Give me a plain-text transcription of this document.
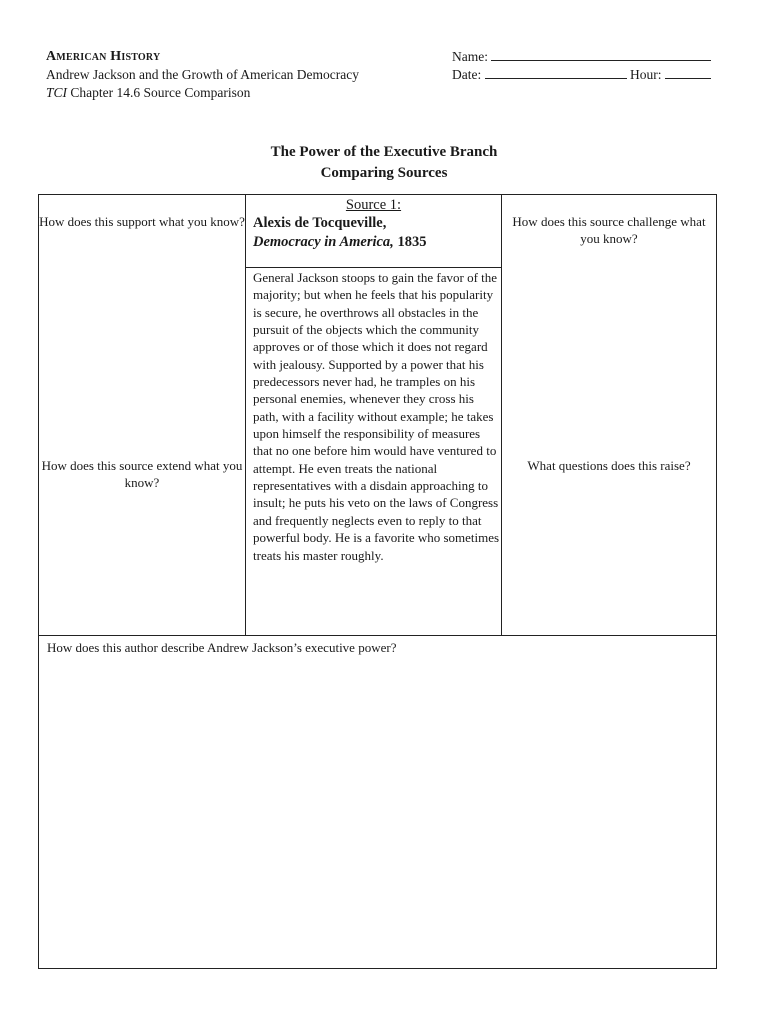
American History
Andrew Jackson and the Growth of American Democracy
TCI Chapter 14.6 Source Comparison
Name:
Date:	Hour:
The Power of the Executive Branch
Comparing Sources
How does this support what you know?	How does this source challenge what you know?
How does this source extend what you know?
What questions does this raise?
Source 1:
Alexis de Tocqueville,
Democracy in America, 1835
General Jackson stoops to gain the favor of the majority; but when he feels that his popularity is secure, he overthrows all obstacles in the pursuit of the objects which the community approves or of those which it does not regard with jealousy. Supported by a power that his predecessors never had, he tramples on his personal enemies, whenever they cross his path, with a facility without example; he takes upon himself the responsibility of measures that no one before him would have ventured to attempt. He even treats the national representatives with a disdain approaching to insult; he puts his veto on the laws of Congress and frequently neglects even to reply to that powerful body. He is a favorite who sometimes treats his master roughly.
How does this author describe Andrew Jackson’s executive power?
